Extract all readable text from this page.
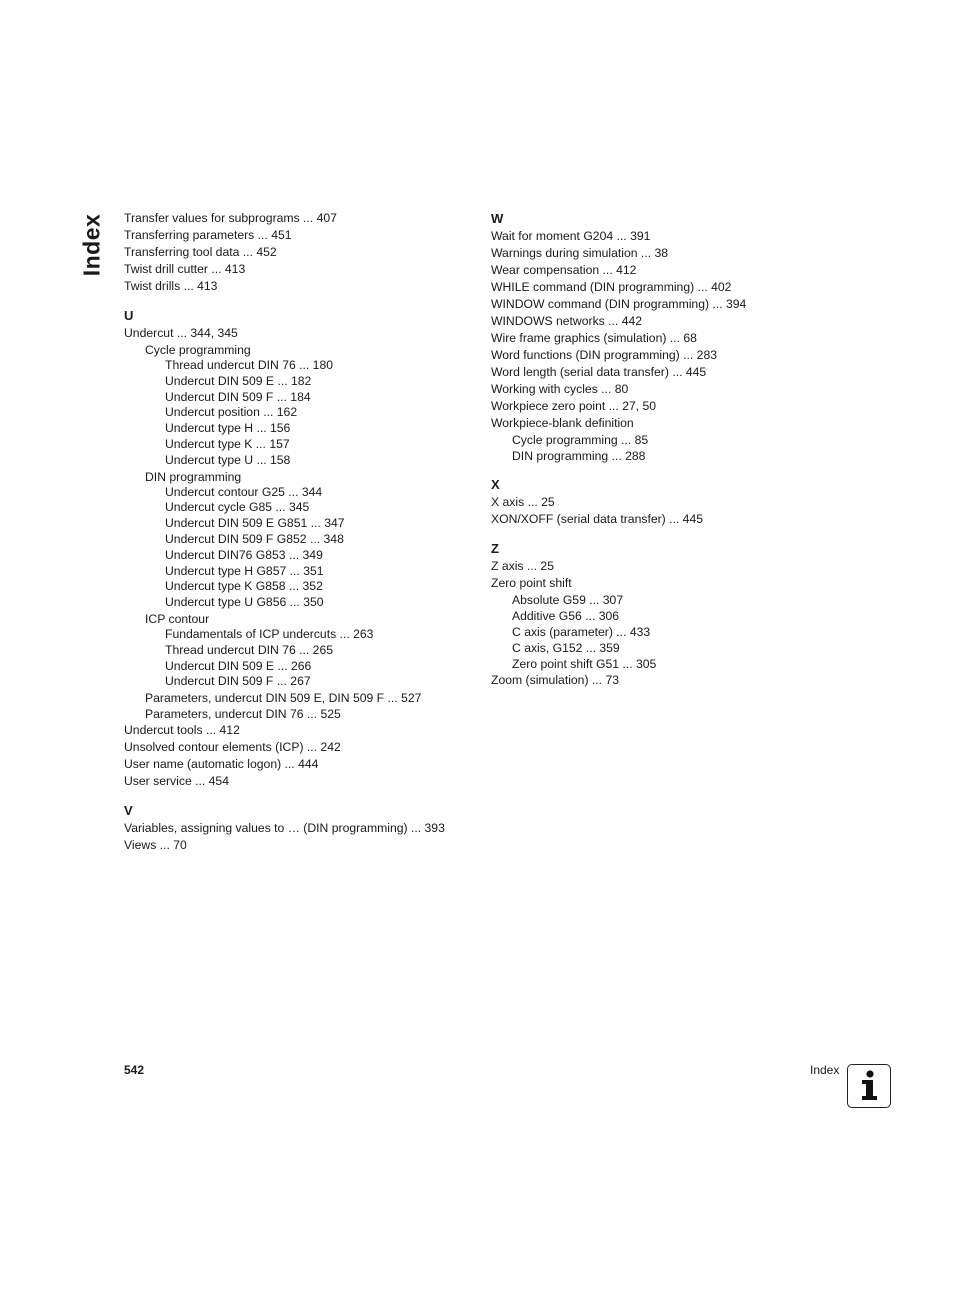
Index Transfer values for subprograms ... 407
Transferring parameters ... 451
Transferring tool data ... 452
Twist drill cutter ... 413
Twist drills ... 413
U
Undercut ... 344, 345
Cycle programming
Thread undercut DIN 76 ... 180
Undercut DIN 509 E ... 182
Undercut DIN 509 F ... 184
Undercut position ... 162
Undercut type H ... 156
Undercut type K ... 157
Undercut type U ... 158
DIN programming
Undercut contour G25 ... 344
Undercut cycle G85 ... 345
Undercut DIN 509 E G851 ... 347
Undercut DIN 509 F G852 ... 348
Undercut DIN76 G853 ... 349
Undercut type H G857 ... 351
Undercut type K G858 ... 352
Undercut type U G856 ... 350
ICP contour
Fundamentals of ICP undercuts ... 263
Thread undercut DIN 76 ... 265
Undercut DIN 509 E ... 266
Undercut DIN 509 F ... 267
Parameters, undercut DIN 509 E, DIN 509 F ... 527
Parameters, undercut DIN 76 ... 525
Undercut tools ... 412
Unsolved contour elements (ICP) ... 242
User name (automatic logon) ... 444
User service ... 454
V
Variables, assigning values to … (DIN programming) ... 393
Views ... 70
W
Wait for moment G204 ... 391
Warnings during simulation ... 38
Wear compensation ... 412
WHILE command (DIN programming) ... 402
WINDOW command (DIN programming) ... 394
WINDOWS networks ... 442
Wire frame graphics (simulation) ... 68
Word functions (DIN programming) ... 283
Word length (serial data transfer) ... 445
Working with cycles ... 80
Workpiece zero point ... 27, 50
Workpiece-blank definition
Cycle programming ... 85
DIN programming ... 288
X
X axis ... 25
XON/XOFF (serial data transfer) ... 445
Z
Z axis ... 25
Zero point shift
Absolute G59 ... 307
Additive G56 ... 306
C axis (parameter) ... 433
C axis, G152 ... 359
Zero point shift G51 ... 305
Zoom (simulation) ... 73
542	Index
